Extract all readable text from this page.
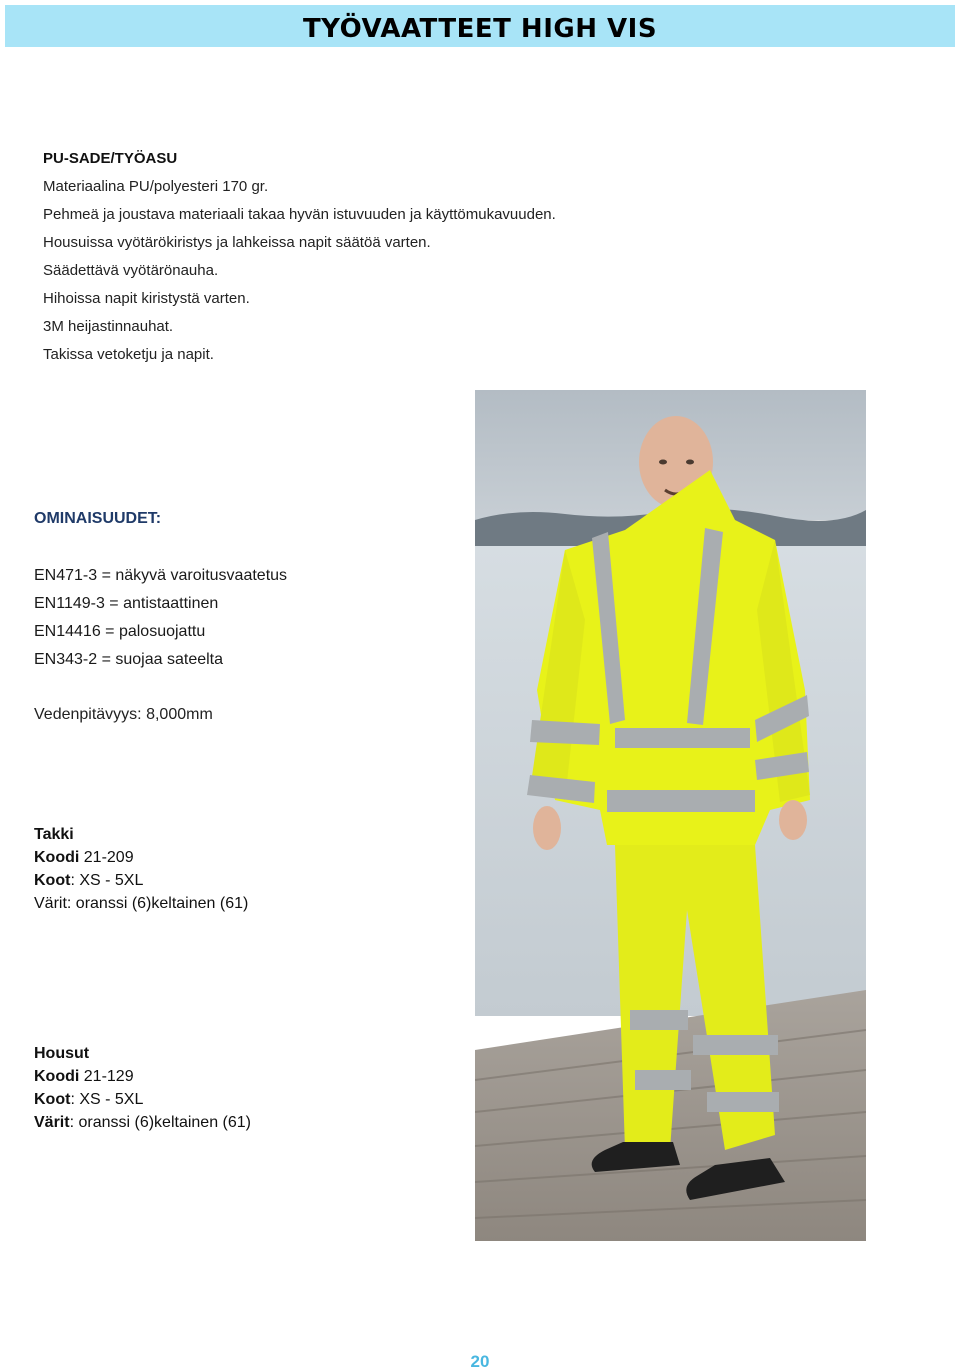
TYÖVAATTEET HIGH VIS
PU-SADE/TYÖASU
Materiaalina PU/polyesteri 170 gr.
Pehmeä ja joustava materiaali takaa hyvän istuvuuden ja käyttömukavuuden.
Housuissa vyötärökiristys ja lahkeissa napit säätöä varten.
Säädettävä vyötärönauha.
Hihoissa napit kiristystä varten.
3M heijastinnauhat.
Takissa vetoketju ja napit.
OMINAISUUDET:
EN471-3 = näkyvä varoitusvaatetus
EN1149-3 = antistaattinen
EN14416 = palosuojattu
EN343-2 = suojaa sateelta
Vedenpitävyys: 8,000mm
Takki
Koodi 21-209
Koot: XS - 5XL
Värit: oranssi (6)keltainen (61)
Housut
Koodi 21-129
Koot: XS - 5XL
Värit: oranssi (6)keltainen (61)
20
